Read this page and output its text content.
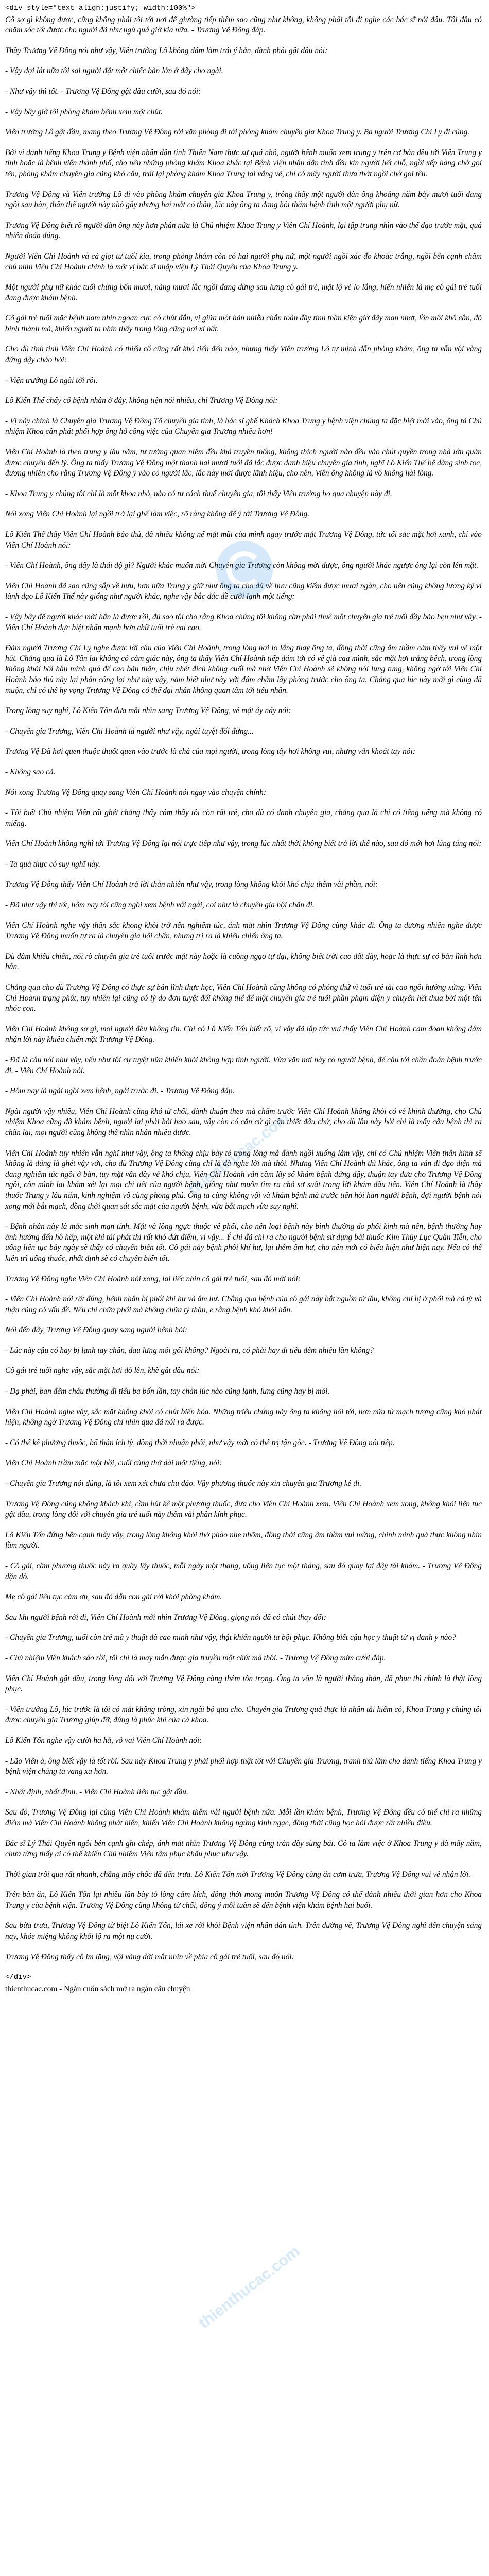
<div style="text-align:justify; width:100%">

Cô sợ gì không được, cũng không phải tôi tới nơi để giường tiếp thêm sao cũng như không, không phải tôi đi nghe các bác sĩ nói đâu. Tôi đầu có chăm sóc tốt được cho người đã như ngủ quá giờ kia nữa. - Trương Vệ Đông đáp.

Thầy Trương Vệ Đông nói như vậy, Viên trưởng Lô không dám làm trái ý hắn, đành phải gật đầu nói:

- Vậy dợi lát nữa tôi sai người đặt một chiếc bàn lớn ở đây cho ngài.

- Như vậy thì tốt. - Trương Vệ Đông gật đầu cười, sau đó nói:

- Vậy bây giờ tôi phòng khám bệnh xem một chút.

Viên trưởng Lô gật đầu, mang theo Trương Vệ Đông rời văn phòng đi tới phòng khám chuyên gia Khoa Trung y. Ba người Trương Chí Lỵ đi cùng.

Bởi vì danh tiếng Khoa Trung y Bệnh viện nhân dân tỉnh Thiên Nam thực sự quá nhỏ, người bệnh muốn xem trung y trên cơ bản đều tới Viện Trung y tỉnh hoặc là bệnh viện thành phố, cho nên những phòng khám Khoa khác tại Bệnh viện nhân dân tỉnh đều kín người hết chỗ, ngồi xếp hàng chờ gọi tên, phòng khám chuyên gia cũng khó câu, trái lại phòng khám Khoa Trung lại vắng vẻ, chỉ có mấy người thưa thớt ngồi chờ gọi tên.

Trương Vệ Đông và Viên trưởng Lô đi vào phòng khám chuyên gia Khoa Trung y, trông thấy một người đàn ông khoảng năm bảy mươi tuổi đang ngồi sau bàn, thân thể người này nhỏ gầy nhưng hai mắt có thần, lúc này ông ta đang hỏi thăm bệnh tình một người phụ nữ.

Trương Vệ Đông biết rõ người đàn ông này hơn phân nửa là Chủ nhiệm Khoa Trung y Viên Chí Hoành, lại tập trung nhìn vào thể đạo trước mặt, quả nhiên đoán đúng.

Người Viên Chí Hoành và cả giọt tư tuổi kia, trong phòng khám còn có hai người phụ nữ, một người ngồi xác đo khoác trắng, ngồi bên cạnh chăm chú nhìn Viên Chí Hoành chính là một vị bác sĩ nhập viện Lý Thái Quyên của Khoa Trung y.

Một người phụ nữ khác tuổi chừng bốn mươi, nàng mươi lắc ngồi đang dừng sau lưng cô gái trẻ, mặt lộ vẻ lo lắng, hiển nhiên là mẹ cô gái trẻ tuổi đang được khám bệnh.

Cô gái trẻ tuổi mặc bệnh nam nhìn ngoan cực có chút đắn, vị giữa một hản nhiễu chắn toàn đầy tình thần kiện giờ đây mạn nhợt, lồn môi khô cắn, đỏ bình thành mà, khiến người ta nhìn thấy trong lòng cũng hơi xỉ hất.

Cho dù tính tình Viên Chí Hoành có thiếu cổ cũng rất khó tiến đến nào, nhưng thấy Viên trưởng Lô tự mình dẫn phòng khám, ông ta vẫn vội vàng đứng dậy chào hỏi:

- Viện trưởng Lô ngài tới rồi.

Lô Kiến Thế chấy cố bệnh nhân ở đây, không tiện nói nhiều, chỉ Trương Vệ Đông nói:

- Vị này chính là Chuyên gia Trương Vệ Đông Tổ chuyên gia tỉnh, là bác sĩ ghế Khách Khoa Trung y bệnh viện chúng ta đặc biệt mời vào, ông tả Chủ nhiệm Khoa cần phát phối hợp ông hỗ công việc của Chuyên gia Trương nhiều hơn!

Viên Chí Hoành là theo trung y lâu năm, tư tưởng quan niệm đều khá truyền thống, không thích người nào đều vào chút quyền trong nhà lớn quản được chuyên đến lý. Ông ta thấy Trương Vệ Đông một thanh hai mươi tuổi đã lắc được danh hiệu chuyên gia tình, nghĩ Lô Kiến Thế bệ dàng sính tọc, đương nhiên cho rằng Trương Vệ Đông ý vào có người lắc, lắc này mới được lãnh hiệu, cho nên, Viên ông không là vô không hài lòng.

- Khoa Trung y chúng tôi chỉ là một khoa nhỏ, nào có tư cách thuế chuyên gia, tôi thấy Viên trưởng bo qua chuyện này đi.

Nói xong Viên Chí Hoành lại ngồi trở lại ghế làm việc, rõ ràng không để ý tới Trương Vệ Đông.

Lô Kiến Thế thấy Viên Chí Hoành bảo thủ, đã nhiều không nể mặt mũi của mình ngay trước mặt Trương Vệ Đông, tức tối sắc mặt hơi xanh, chỉ vào Viên Chí Hoành nói:

- Viên Chí Hoành, ông đây là thái độ gì? Người khác muốn mời Chuyên gia Trương còn không mời được, ông người khác ngược ông lại còn lên mặt.

Viên Chí Hoành đã sao cũng sắp về hưu, hơn nữa Trung y giữ như ông ta cho dù về hưu cũng kiếm được mươi ngàn, cho nên cũng không lương kỷ vì lãnh đạo Lô Kiến Thế này giống như người khác, nghe vậy bắc đắc đề cười lạnh một tiếng:

- Vậy bây để người khác mời hắn lả được rồi, đủ sao tôi cho rằng Khoa chúng tôi không cần phải thuê một chuyên gia trẻ tuổi đầy bảo hẹn như vậy. - Viên Chí Hoành đực biệt nhấn mạnh hơn chữ tuổi trẻ cai cao.

Đảm người Trương Chí Lỵ nghe được lời câu của Viên Chí Hoành, trong lòng hơi lo lắng thay ông ta, đồng thời cũng âm thầm cảm thấy vui vẻ một hút. Chẳng qua là Lô Tân lại không có cảm giác này, ông ta thấy Viên Chí Hoành tiếp dám tới có về già caa mình, sắc mặt hơi trắng bệch, trong lòng không khỏi hối hận mình quá để cao bản thân, chịu nhét đích không cuối mà nhờ Viên Chí Hoành sẽ không nói lung tung, không ngờ tới Viên Chí Hoành bảo thủ này lại phản công lại như này vậy, nằm biết như này với đám chằm lấy phòng trước cho ông ta. Chẳng qua lúc này mới gì cũng đã muộn, chỉ có thể hy vọng Trương Vệ Đông có thể đại nhân không quan tâm tới tiểu nhân.

Trong lòng suy nghĩ, Lô Kiến Tốn đưa mắt nhìn sang Trương Vệ Đông, vẻ mặt áy náy nói:

- Chuyên gia Trương, Viên Chí Hoành là người như vậy, ngài tuyệt đối đừng...

Trương Vệ Đã hơi quen thuộc thuốt quen vào trước là chả của mọi người, trong lòng tây hơi không vui, nhưng vẫn khoát tay nói:

- Không sao cả.

Nói xong Trương Vệ Đông quay sang Viên Chí Hoành nói ngay vào chuyện chính:

- Tôi biết Chủ nhiệm Viên rất ghét chẳng thấy cảm thấy tôi còn rất trẻ, cho dù có danh chuyên gia, chẳng qua là chỉ có tiếng tiếng mà không có miếng.

Viên Chí Hoành không nghĩ tới Trương Vệ Đông lại nói trực tiếp như vậy, trong lúc nhất thời không biết trả lời thế nào, sau đó mới hơi lúng túng nói:

- Ta quả thực có suy nghĩ này.

Trương Vệ Đông thấy Viên Chí Hoành trả lời thẳn nhiên như vậy, trong lòng không khỏi khó chịu thêm vài phần, nói:

- Đã như vậy thì tốt, hôm nay tôi cũng ngồi xem bệnh với ngài, coi như là chuyên gia hội chẩn đi.

Viên Chí Hoành nghe vậy thân sắc khong khỏi trở nên nghiêm túc, ánh mắt nhìn Trương Vệ Đông cũng khác đi. Ông ta dương nhiên nghe được Trương Vệ Đông muốn tự ra là chuyên gia hội chẩn, nhưng trị ra là khiêu chiến ông ta.

Dù đâm khiêu chiến, nói rõ chuyên gia trẻ tuổi trước mặt này hoặc là cuồng ngạo tự đại, không biết trời cao đất dày, hoặc là thực sự có bản lĩnh hơn hắn.

Chẳng qua cho dù Trương Vệ Đông có thực sự bản lĩnh thực học, Viên Chí Hoành cũng không có phóng thứ vì tuổi trẻ tài cao ngồi hưởng xứng. Viên Chí Hoành trạng phút, tuy nhiên lại cũng có lý do đơn tuyệt đối không thể để một chuyên gia trẻ tuổi phần phạm diện y chuyên hết thua bởi một tên nhóc con.

Viên Chí Hoành không sợ gì, mọi người đều không tin. Chỉ có Lô Kiến Tốn biết rõ, vì vậy đã lập tức vui thấy Viên Chí Hoành cam đoan không dám nhận lời này khiêu chiến mặt Trương Vệ Đông.

- Đã là câu nói như vậy, nếu như tôi cự tuyệt nữa khiến khỏi không hợp tình người. Vừa vặn nơi này có người bệnh, để cậu tới chẩn đoán bệnh trước đi. - Viên Chí Hoành nói.

- Hôm nay là ngài ngồi xem bệnh, ngài trước đi. - Trương Vệ Đông đáp.

Ngài người vậy nhiều, Viên Chí Hoành cũng khó từ chối, đành thuận theo mà chấm trước Viên Chí Hoành không khỏi có vẻ khinh thường, cho Chủ nhiệm Khoa cũng đã khám bệnh, người lại phải hỏi bao sau, vậy còn có căn cứ gì cần thiết đâu chứ, cho dù lần này hỏi chỉ là mấy câu bệnh thì ra chẩn lại, mọi người cũng không thể nhìn nhận nhiều được.

Viên Chí Hoành tuy nhiên vẫn nghĩ như vậy, ông ta không chịu bày tỏ trong lòng mà đành ngồi xuống làm vậy, chỉ có Chủ nhiệm Viên thân hình sẽ không là đúng là ghét vậy với, cho dù Trương Vệ Đông cũng chỉ là đã nghe lời mà thôi. Nhưng Viên Chí Hoành thì khác, ông ta vẫn đi đạo diện mà đang nghiêm túc ngồi ở bàn, tuy mặt vẫn đầy vẻ khó chịu, Viên Chí Hoành vẫn cầm lấy sổ khám bệnh đứng dậy, thuận tay đưa cho Trương Vệ Đông ngồi, còn mình lại khám xét lại mọi chi tiết của người bệnh, giống như muốn tìm ra chỗ sơ suất trong lời khám đầu tiên. Viên Chí Hoành là thầy thuốc Trung y lâu năm, kinh nghiệm vô cùng phong phú. Ông ta cũng không vội vã khám bệnh mà trước tiên hỏi han người bệnh, đợi người bệnh nói xong mới bắt mạch, đồng thời quan sát sắc mặt của người bệnh, vừa bắt mạch vừa suy nghĩ.

- Bệnh nhân này là mắc sinh mạn tính. Mặt và lồng ngực thuộc về phổi, cho nên loại bệnh này bình thường do phổi kinh mà nên, bệnh thường hay ảnh hưởng đến hô hấp, một khi tái phát thì rất khó dứt điểm, vì vậy... Ý chí đã chỉ ra cho người bệnh sử dụng bài thuốc Kim Thủy Lục Quân Tiễn, cho uống liên tục bảy ngày sẽ thấy có chuyển biến tốt. Cô gái này bệnh phổi khí hư, lại thêm âm hư, cho nên mới có biểu hiện như hiện nay. Nếu có thể kiên trì uống thuốc, nhất định sẽ có chuyển biến tốt.

Trương Vệ Đông nghe Viên Chí Hoành nói xong, lại liếc nhìn cô gái trẻ tuổi, sau đó mới nói:

- Viên Chí Hoành nói rất đúng, bệnh nhân bị phổi khí hư và âm hư. Chẳng qua bệnh của cô gái này bắt nguồn từ lâu, không chỉ bị ở phổi mà cả tỳ và thận cũng có vấn đề. Nếu chỉ chữa phổi mà không chữa tỳ thận, e rằng bệnh khó khỏi hẳn.

Nói đến đây, Trương Vệ Đông quay sang người bệnh hỏi:

- Lúc này cậu có hay bị lạnh tay chân, đau lưng mỏi gối không? Ngoài ra, có phải hay đi tiểu đêm nhiều lần không?

Cô gái trẻ tuổi nghe vậy, sắc mặt hơi đỏ lên, khẽ gật đầu nói:

- Dạ phải, ban đêm cháu thường đi tiểu ba bốn lần, tay chân lúc nào cũng lạnh, lưng cũng hay bị mỏi.

Viên Chí Hoành nghe vậy, sắc mặt không khỏi có chút biến hóa. Những triệu chứng này ông ta không hỏi tới, hơn nữa từ mạch tượng cũng khó phát hiện, không ngờ Trương Vệ Đông chỉ nhìn qua đã nói ra được.

- Có thể kê phương thuốc, bổ thận ích tỳ, đồng thời nhuận phổi, như vậy mới có thể trị tận gốc. - Trương Vệ Đông nói tiếp.

Viên Chí Hoành trầm mặc một hồi, cuối cùng thở dài một tiếng, nói:

- Chuyên gia Trương nói đúng, là tôi xem xét chưa chu đáo. Vậy phương thuốc này xin chuyên gia Trương kê đi.

Trương Vệ Đông cũng không khách khí, cầm bút kê một phương thuốc, đưa cho Viên Chí Hoành xem. Viên Chí Hoành xem xong, không khỏi liên tục gật đầu, trong lòng đối với chuyên gia trẻ tuổi này thêm vài phần kính phục.

Lô Kiến Tốn đứng bên cạnh thấy vậy, trong lòng không khỏi thở phào nhẹ nhõm, đồng thời cũng âm thầm vui mừng, chính mình quả thực không nhìn lầm người.

- Cô gái, cầm phương thuốc này ra quầy lấy thuốc, mỗi ngày một thang, uống liên tục một tháng, sau đó quay lại đây tái khám. - Trương Vệ Đông dặn dò.

Mẹ cô gái liên tục cảm ơn, sau đó dẫn con gái rời khỏi phòng khám.

Sau khi người bệnh rời đi, Viên Chí Hoành mới nhìn Trương Vệ Đông, giọng nói đã có chút thay đổi:

- Chuyên gia Trương, tuổi còn trẻ mà y thuật đã cao minh như vậy, thật khiến người ta bội phục. Không biết cậu học y thuật từ vị danh y nào?

- Chủ nhiệm Viên khách sáo rồi, tôi chỉ là may mắn được gia truyền một chút mà thôi. - Trương Vệ Đông mỉm cười đáp.

Viên Chí Hoành gật đầu, trong lòng đối với Trương Vệ Đông càng thêm tôn trọng. Ông ta vốn là người thẳng thắn, đã phục thì chính là thật lòng phục.

- Viện trưởng Lô, lúc trước là tôi có mắt không tròng, xin ngài bỏ qua cho. Chuyên gia Trương quả thực là nhân tài hiếm có, Khoa Trung y chúng tôi được chuyên gia Trương giúp đỡ, đúng là phúc khí của cả khoa.

Lô Kiến Tốn nghe vậy cười ha hả, vỗ vai Viên Chí Hoành nói:

- Lão Viên à, ông biết vậy là tốt rồi. Sau này Khoa Trung y phải phối hợp thật tốt với Chuyên gia Trương, tranh thủ làm cho danh tiếng Khoa Trung y bệnh viện chúng ta vang xa hơn.

- Nhất định, nhất định. - Viên Chí Hoành liên tục gật đầu.

Sau đó, Trương Vệ Đông lại cùng Viên Chí Hoành khám thêm vài người bệnh nữa. Mỗi lần khám bệnh, Trương Vệ Đông đều có thể chỉ ra những điểm mà Viên Chí Hoành không phát hiện, khiến Viên Chí Hoành không ngừng kinh ngạc, đồng thời cũng học hỏi được rất nhiều điều.

Bác sĩ Lý Thái Quyên ngồi bên cạnh ghi chép, ánh mắt nhìn Trương Vệ Đông cũng tràn đầy sùng bái. Cô ta làm việc ở Khoa Trung y đã mấy năm, chưa từng thấy ai có thể khiến Chủ nhiệm Viên tâm phục khẩu phục như vậy.

Thời gian trôi qua rất nhanh, chẳng mấy chốc đã đến trưa. Lô Kiến Tốn mời Trương Vệ Đông cùng ăn cơm trưa, Trương Vệ Đông vui vẻ nhận lời.

Trên bàn ăn, Lô Kiến Tốn lại nhiều lần bày tỏ lòng cảm kích, đồng thời mong muốn Trương Vệ Đông có thể dành nhiều thời gian hơn cho Khoa Trung y của bệnh viện. Trương Vệ Đông cũng không từ chối, đồng ý mỗi tuần sẽ đến bệnh viện khám bệnh hai buổi.

Sau bữa trưa, Trương Vệ Đông từ biệt Lô Kiến Tốn, lái xe rời khỏi Bệnh viện nhân dân tỉnh. Trên đường về, Trương Vệ Đông nghĩ đến chuyện sáng nay, khóe miệng không khỏi lộ ra một nụ cười.

Trương Vệ Đông thấy cô im lặng, vội vàng dời mắt nhìn về phía cô gái trẻ tuổi, sau đó nói:

</div>

thienthucac.com - Ngàn cuốn sách mở ra ngàn câu chuyện

thienthucac.com
thienthucac.com
